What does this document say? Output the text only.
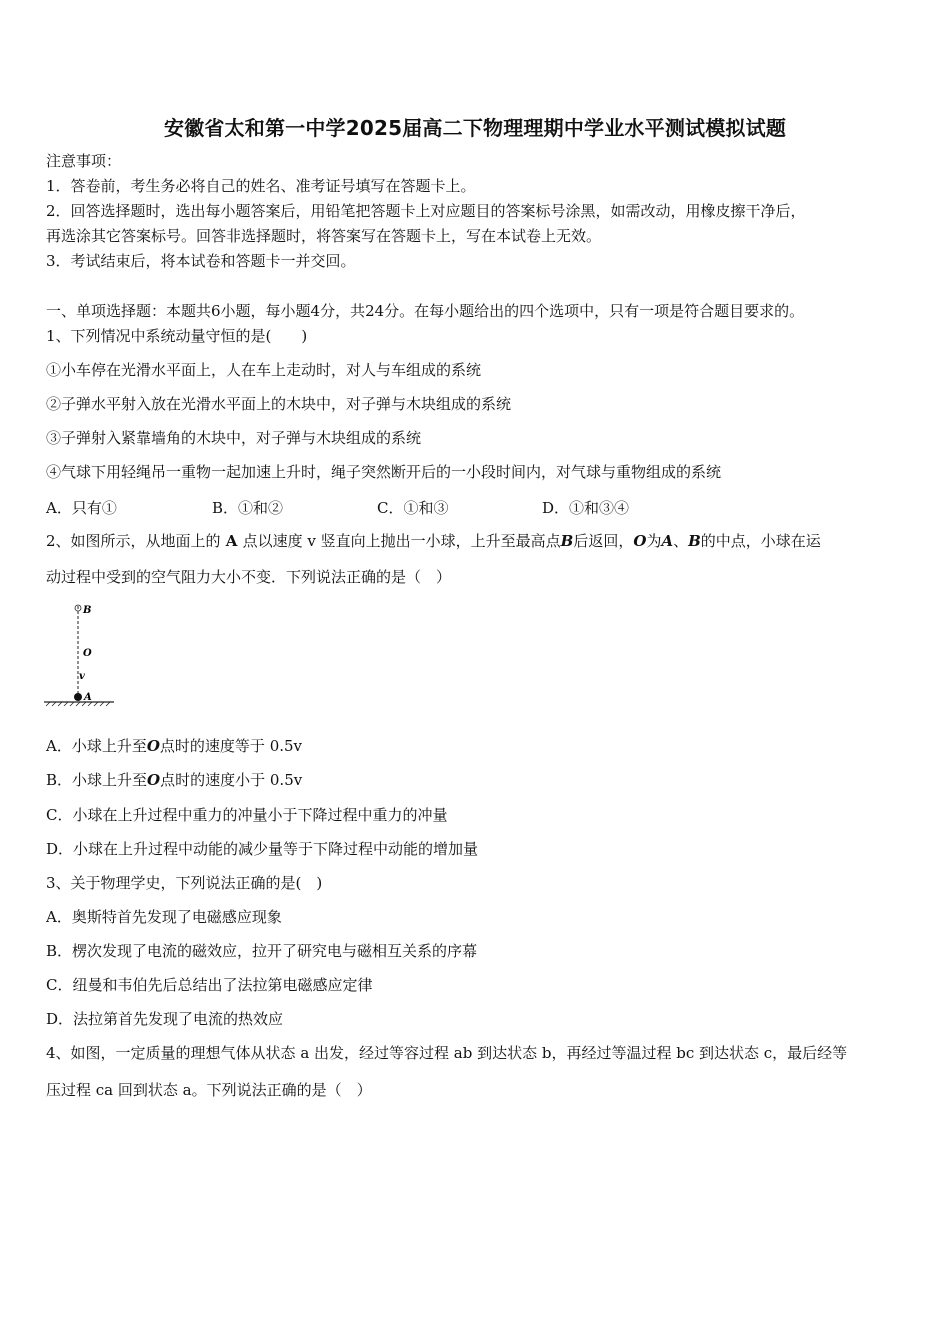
安徽省太和第一中学2025届高二下物理理期中学业水平测试模拟试题
注意事项：
1．答卷前，考生务必将自己的姓名、准考证号填写在答题卡上。
2．回答选择题时，选出每小题答案后，用铅笔把答题卡上对应题目的答案标号涂黑，如需改动，用橡皮擦干净后，
再选涂其它答案标号。回答非选择题时，将答案写在答题卡上，写在本试卷上无效。
3．考试结束后，将本试卷和答题卡一并交回。
一、单项选择题：本题共6小题，每小题4分，共24分。在每小题给出的四个选项中，只有一项是符合题目要求的。
1、下列情况中系统动量守恒的是(　　)
①小车停在光滑水平面上，人在车上走动时，对人与车组成的系统
②子弹水平射入放在光滑水平面上的木块中，对子弹与木块组成的系统
③子弹射入紧靠墙角的木块中，对子弹与木块组成的系统
④气球下用轻绳吊一重物一起加速上升时，绳子突然断开后的一小段时间内，对气球与重物组成的系统
A．只有①	B．①和②	C．①和③	D．①和③④
2、如图所示，从地面上的 A 点以速度 v 竖直向上抛出一小球，上升至最高点B后返回，O为A、B的中点，小球在运
动过程中受到的空气阻力大小不变．下列说法正确的是（　）
B
O
v
A
A．小球上升至O点时的速度等于 0.5v
B．小球上升至O点时的速度小于 0.5v
C．小球在上升过程中重力的冲量小于下降过程中重力的冲量
D．小球在上升过程中动能的减少量等于下降过程中动能的增加量
3、关于物理学史，下列说法正确的是(　)
A．奥斯特首先发现了电磁感应现象
B．楞次发现了电流的磁效应，拉开了研究电与磁相互关系的序幕
C．纽曼和韦伯先后总结出了法拉第电磁感应定律
D．法拉第首先发现了电流的热效应
4、如图，一定质量的理想气体从状态 a 出发，经过等容过程 ab 到达状态 b，再经过等温过程 bc 到达状态 c，最后经等
压过程 ca 回到状态 a。下列说法正确的是（　）
